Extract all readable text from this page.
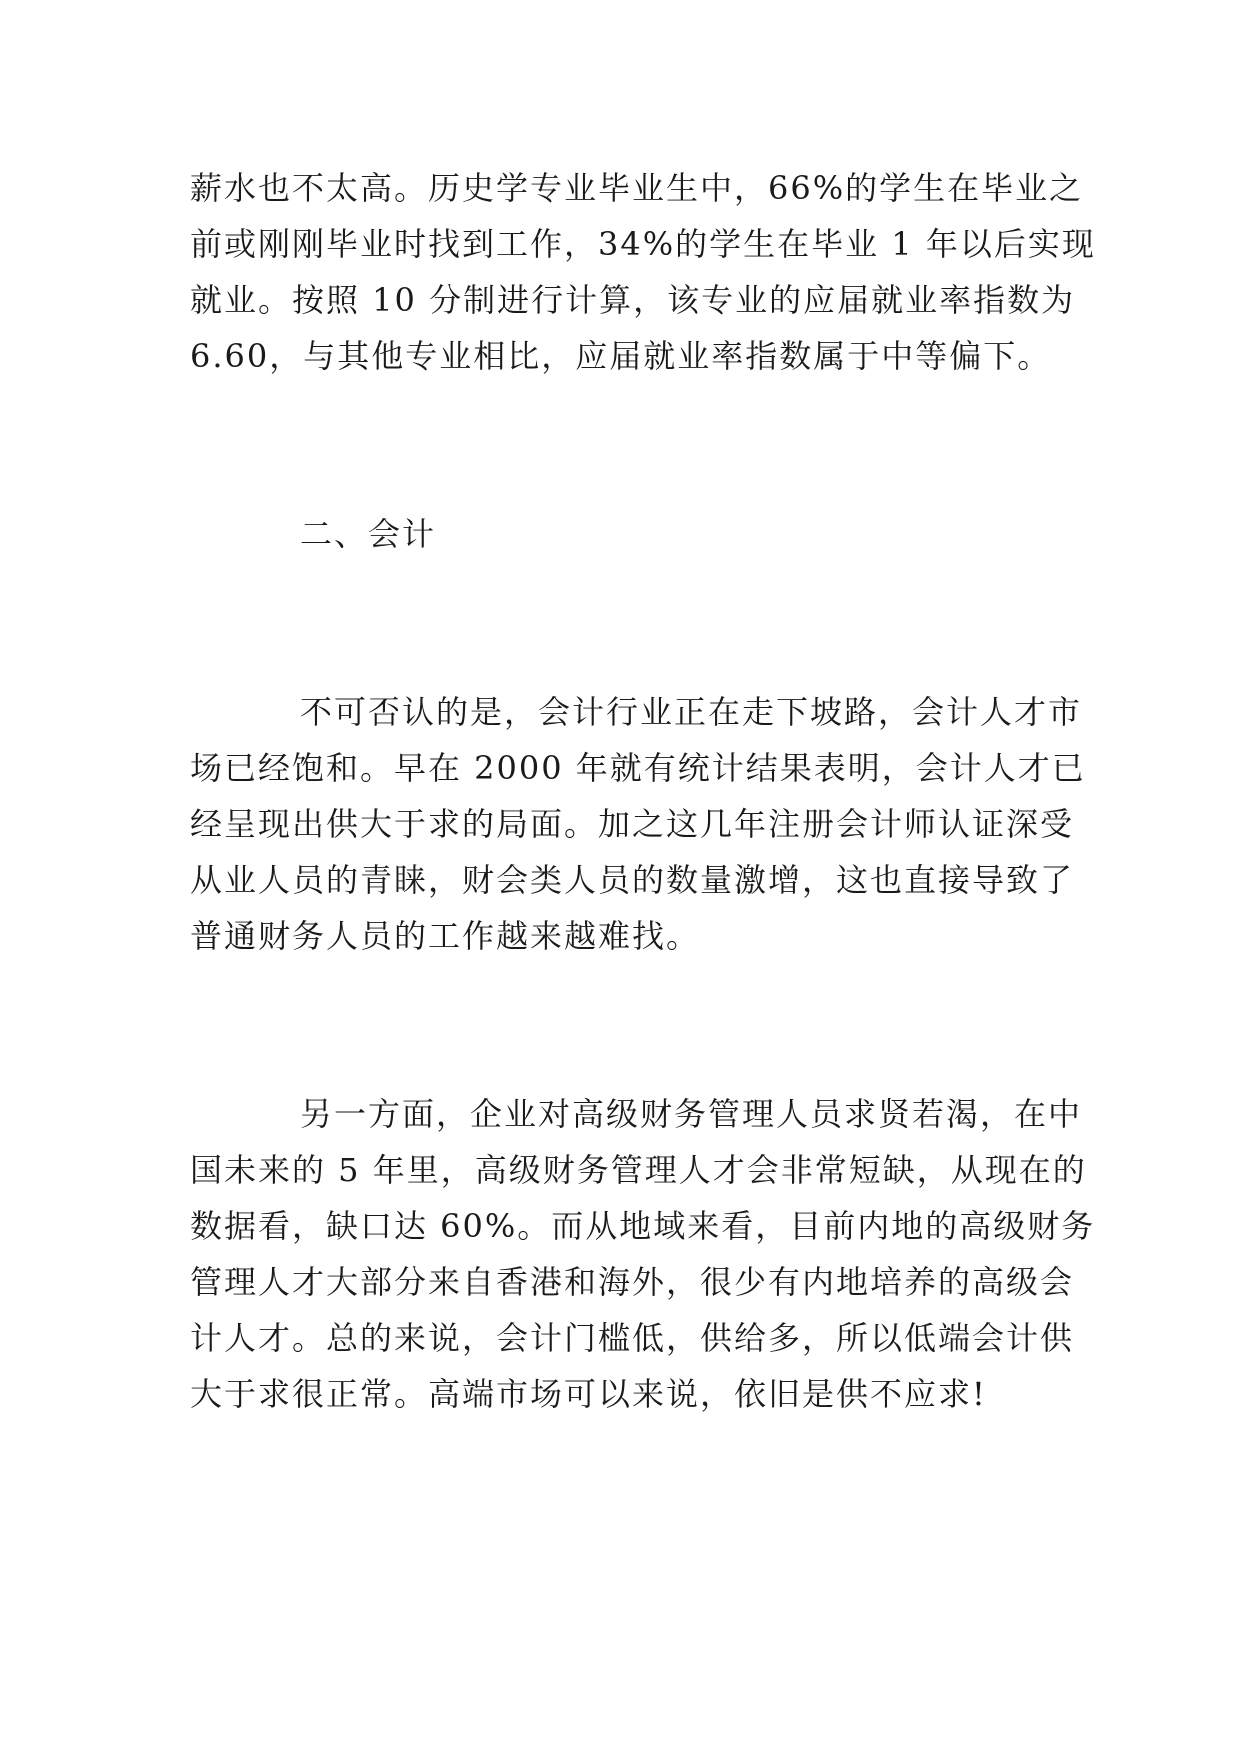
薪水也不太高。历史学专业毕业生中，66%的学生在毕业之
前或刚刚毕业时找到工作，34%的学生在毕业 1 年以后实现
就业。按照 10 分制进行计算，该专业的应届就业率指数为
6.60，与其他专业相比，应届就业率指数属于中等偏下。
二、会计
不可否认的是，会计行业正在走下坡路，会计人才市
场已经饱和。早在 2000 年就有统计结果表明，会计人才已
经呈现出供大于求的局面。加之这几年注册会计师认证深受
从业人员的青睐，财会类人员的数量激增，这也直接导致了
普通财务人员的工作越来越难找。
另一方面，企业对高级财务管理人员求贤若渴，在中
国未来的 5 年里，高级财务管理人才会非常短缺，从现在的
数据看，缺口达 60%。而从地域来看，目前内地的高级财务
管理人才大部分来自香港和海外，很少有内地培养的高级会
计人才。总的来说，会计门槛低，供给多，所以低端会计供
大于求很正常。高端市场可以来说，依旧是供不应求!
